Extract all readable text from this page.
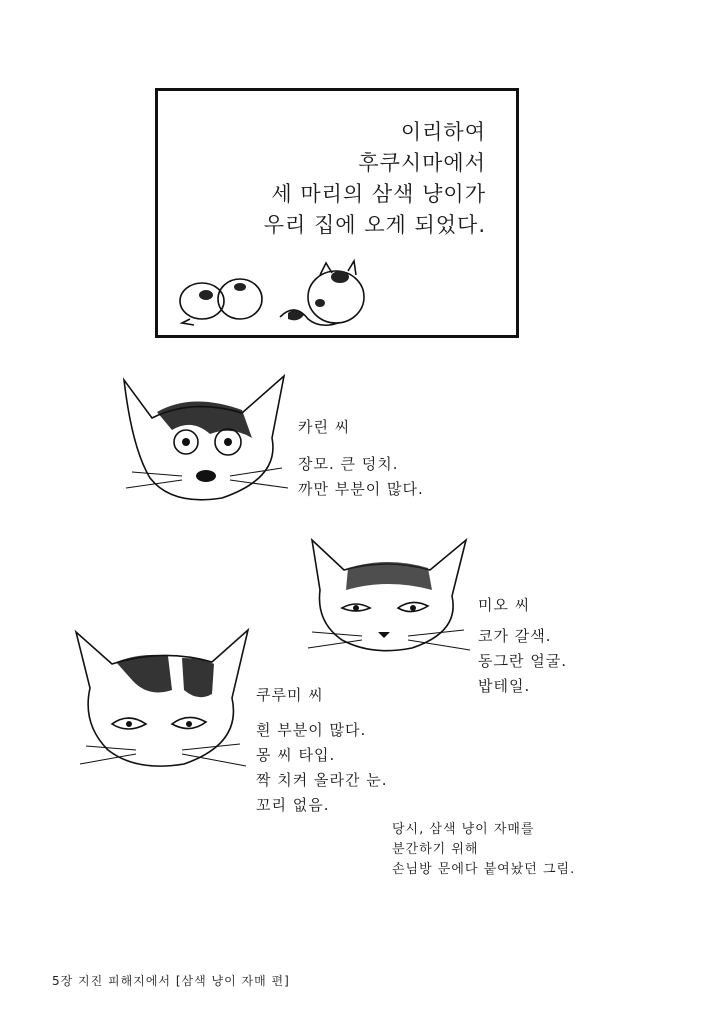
이리하여
후쿠시마에서
세 마리의 삼색 냥이가
우리 집에 오게 되었다.
카린 씨
장모. 큰 덩치.
까만 부분이 많다.
미오 씨
코가 갈색.
동그란 얼굴.
밥테일.
쿠루미 씨
흰 부분이 많다.
몽 씨 타입.
짝 치켜 올라간 눈.
꼬리 없음.
당시, 삼색 냥이 자매를
분간하기 위해
손님방 문에다 붙여놨던 그림.
5장 지진 피해지에서 [삼색 냥이 자매 편]
